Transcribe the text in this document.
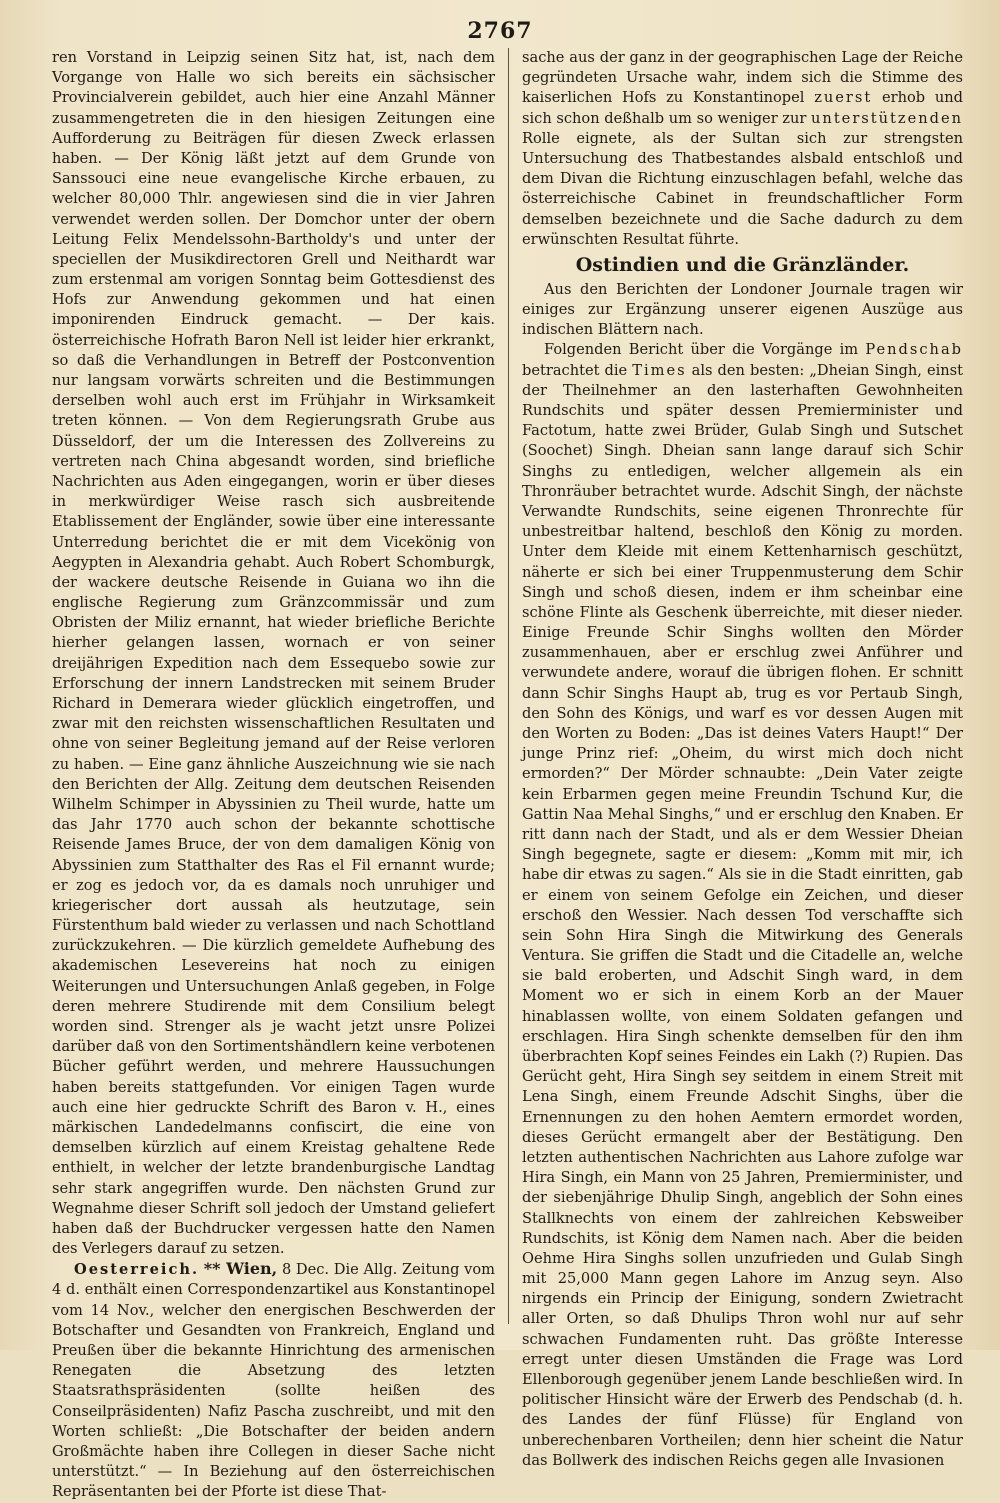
2767

ren Vorstand in Leipzig seinen Sitz hat, ist, nach dem Vorgange von Halle wo sich bereits ein sächsischer Provincialverein gebildet, auch hier eine Anzahl Männer zusammengetreten die in den hiesigen Zeitungen eine Aufforderung zu Beiträgen für diesen Zweck erlassen haben. — Der König läßt jetzt auf dem Grunde von Sanssouci eine neue evangelische Kirche erbauen, zu welcher 80,000 Thlr. angewiesen sind die in vier Jahren verwendet werden sollen. Der Domchor unter der obern Leitung Felix Mendelssohn-Bartholdy's und unter der speciellen der Musikdirectoren Grell und Neithardt war zum erstenmal am vorigen Sonntag beim Gottesdienst des Hofs zur Anwendung gekommen und hat einen imponirenden Eindruck gemacht. — Der kais. österreichische Hofrath Baron Nell ist leider hier erkrankt, so daß die Verhandlungen in Betreff der Postconvention nur langsam vorwärts schreiten und die Bestimmungen derselben wohl auch erst im Frühjahr in Wirksamkeit treten können. — Von dem Regierungsrath Grube aus Düsseldorf, der um die Interessen des Zollvereins zu vertreten nach China abgesandt worden, sind briefliche Nachrichten aus Aden eingegangen, worin er über dieses in merkwürdiger Weise rasch sich ausbreitende Etablissement der Engländer, sowie über eine interessante Unterredung berichtet die er mit dem Vicekönig von Aegypten in Alexandria gehabt. Auch Robert Schomburgk, der wackere deutsche Reisende in Guiana wo ihn die englische Regierung zum Gränzcommissär und zum Obristen der Miliz ernannt, hat wieder briefliche Berichte hierher gelangen lassen, wornach er von seiner dreijährigen Expedition nach dem Essequebo sowie zur Erforschung der innern Landstrecken mit seinem Bruder Richard in Demerara wieder glücklich eingetroffen, und zwar mit den reichsten wissenschaftlichen Resultaten und ohne von seiner Begleitung jemand auf der Reise verloren zu haben. — Eine ganz ähnliche Auszeichnung wie sie nach den Berichten der Allg. Zeitung dem deutschen Reisenden Wilhelm Schimper in Abyssinien zu Theil wurde, hatte um das Jahr 1770 auch schon der bekannte schottische Reisende James Bruce, der von dem damaligen König von Abyssinien zum Statthalter des Ras el Fil ernannt wurde; er zog es jedoch vor, da es damals noch unruhiger und kriegerischer dort aussah als heutzutage, sein Fürstenthum bald wieder zu verlassen und nach Schottland zurückzukehren. — Die kürzlich gemeldete Aufhebung des akademischen Lesevereins hat noch zu einigen Weiterungen und Untersuchungen Anlaß gegeben, in Folge deren mehrere Studirende mit dem Consilium belegt worden sind. Strenger als je wacht jetzt unsre Polizei darüber daß von den Sortimentshändlern keine verbotenen Bücher geführt werden, und mehrere Haussuchungen haben bereits stattgefunden. Vor einigen Tagen wurde auch eine hier gedruckte Schrift des Baron v. H., eines märkischen Landedelmanns confiscirt, die eine von demselben kürzlich auf einem Kreistag gehaltene Rede enthielt, in welcher der letzte brandenburgische Landtag sehr stark angegriffen wurde. Den nächsten Grund zur Wegnahme dieser Schrift soll jedoch der Umstand geliefert haben daß der Buchdrucker vergessen hatte den Namen des Verlegers darauf zu setzen.

Oesterreich. ** Wien, 8 Dec. Die Allg. Zeitung vom 4 d. enthält einen Correspondenzartikel aus Konstantinopel vom 14 Nov., welcher den energischen Beschwerden der Botschafter und Gesandten von Frankreich, England und Preußen über die bekannte Hinrichtung des armenischen Renegaten die Absetzung des letzten Staatsrathspräsidenten (sollte heißen des Conseilpräsidenten) Nafiz Pascha zuschreibt, und mit den Worten schließt: „Die Botschafter der beiden andern Großmächte haben ihre Collegen in dieser Sache nicht unterstützt.“ — In Beziehung auf den österreichischen Repräsentanten bei der Pforte ist diese That-

sache aus der ganz in der geographischen Lage der Reiche gegründeten Ursache wahr, indem sich die Stimme des kaiserlichen Hofs zu Konstantinopel zuerst erhob und sich schon deßhalb um so weniger zur unterstützenden Rolle eignete, als der Sultan sich zur strengsten Untersuchung des Thatbestandes alsbald entschloß und dem Divan die Richtung einzuschlagen befahl, welche das österreichische Cabinet in freundschaftlicher Form demselben bezeichnete und die Sache dadurch zu dem erwünschten Resultat führte.

Ostindien und die Gränzländer.

Aus den Berichten der Londoner Journale tragen wir einiges zur Ergänzung unserer eigenen Auszüge aus indischen Blättern nach.

Folgenden Bericht über die Vorgänge im Pendschab betrachtet die Times als den besten: „Dheian Singh, einst der Theilnehmer an den lasterhaften Gewohnheiten Rundschits und später dessen Premierminister und Factotum, hatte zwei Brüder, Gulab Singh und Sutschet (Soochet) Singh. Dheian sann lange darauf sich Schir Singhs zu entledigen, welcher allgemein als ein Thronräuber betrachtet wurde. Adschit Singh, der nächste Verwandte Rundschits, seine eigenen Thronrechte für unbestreitbar haltend, beschloß den König zu morden. Unter dem Kleide mit einem Kettenharnisch geschützt, näherte er sich bei einer Truppenmusterung dem Schir Singh und schoß diesen, indem er ihm scheinbar eine schöne Flinte als Geschenk überreichte, mit dieser nieder. Einige Freunde Schir Singhs wollten den Mörder zusammenhauen, aber er erschlug zwei Anführer und verwundete andere, worauf die übrigen flohen. Er schnitt dann Schir Singhs Haupt ab, trug es vor Pertaub Singh, den Sohn des Königs, und warf es vor dessen Augen mit den Worten zu Boden: „Das ist deines Vaters Haupt!“ Der junge Prinz rief: „Oheim, du wirst mich doch nicht ermorden?“ Der Mörder schnaubte: „Dein Vater zeigte kein Erbarmen gegen meine Freundin Tschund Kur, die Gattin Naa Mehal Singhs,“ und er erschlug den Knaben. Er ritt dann nach der Stadt, und als er dem Wessier Dheian Singh begegnete, sagte er diesem: „Komm mit mir, ich habe dir etwas zu sagen.“ Als sie in die Stadt einritten, gab er einem von seinem Gefolge ein Zeichen, und dieser erschoß den Wessier. Nach dessen Tod verschaffte sich sein Sohn Hira Singh die Mitwirkung des Generals Ventura. Sie griffen die Stadt und die Citadelle an, welche sie bald eroberten, und Adschit Singh ward, in dem Moment wo er sich in einem Korb an der Mauer hinablassen wollte, von einem Soldaten gefangen und erschlagen. Hira Singh schenkte demselben für den ihm überbrachten Kopf seines Feindes ein Lakh (?) Rupien. Das Gerücht geht, Hira Singh sey seitdem in einem Streit mit Lena Singh, einem Freunde Adschit Singhs, über die Ernennungen zu den hohen Aemtern ermordet worden, dieses Gerücht ermangelt aber der Bestätigung. Den letzten authentischen Nachrichten aus Lahore zufolge war Hira Singh, ein Mann von 25 Jahren, Premierminister, und der siebenjährige Dhulip Singh, angeblich der Sohn eines Stallknechts von einem der zahlreichen Kebsweiber Rundschits, ist König dem Namen nach. Aber die beiden Oehme Hira Singhs sollen unzufrieden und Gulab Singh mit 25,000 Mann gegen Lahore im Anzug seyn. Also nirgends ein Princip der Einigung, sondern Zwietracht aller Orten, so daß Dhulips Thron wohl nur auf sehr schwachen Fundamenten ruht. Das größte Interesse erregt unter diesen Umständen die Frage was Lord Ellenborough gegenüber jenem Lande beschließen wird. In politischer Hinsicht wäre der Erwerb des Pendschab (d. h. des Landes der fünf Flüsse) für England von unberechenbaren Vortheilen; denn hier scheint die Natur das Bollwerk des indischen Reichs gegen alle Invasionen
